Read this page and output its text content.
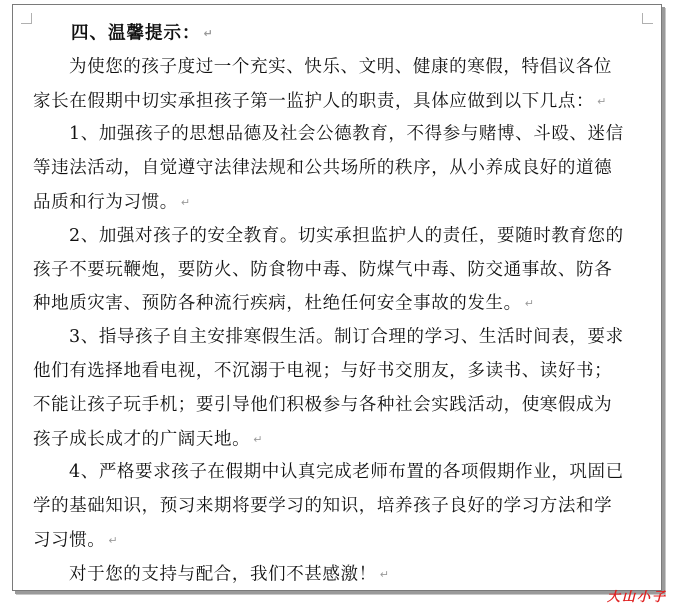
四、温馨提示： ↵
为使您的孩子度过一个充实、快乐、文明、健康的寒假，特倡议各位
家长在假期中切实承担孩子第一监护人的职责，具体应做到以下几点： ↵
1、加强孩子的思想品德及社会公德教育，不得参与赌博、斗殴、迷信
等违法活动，自觉遵守法律法规和公共场所的秩序，从小养成良好的道德
品质和行为习惯。 ↵
2、加强对孩子的安全教育。切实承担监护人的责任，要随时教育您的
孩子不要玩鞭炮，要防火、防食物中毒、防煤气中毒、防交通事故、防各
种地质灾害、预防各种流行疾病，杜绝任何安全事故的发生。 ↵
3、指导孩子自主安排寒假生活。制订合理的学习、生活时间表，要求
他们有选择地看电视，不沉溺于电视；与好书交朋友，多读书、读好书；
不能让孩子玩手机；要引导他们积极参与各种社会实践活动，使寒假成为
孩子成长成才的广阔天地。 ↵
4、严格要求孩子在假期中认真完成老师布置的各项假期作业，巩固已
学的基础知识，预习来期将要学习的知识，培养孩子良好的学习方法和学
习习惯。 ↵
对于您的支持与配合，我们不甚感激！ ↵
大山小子
